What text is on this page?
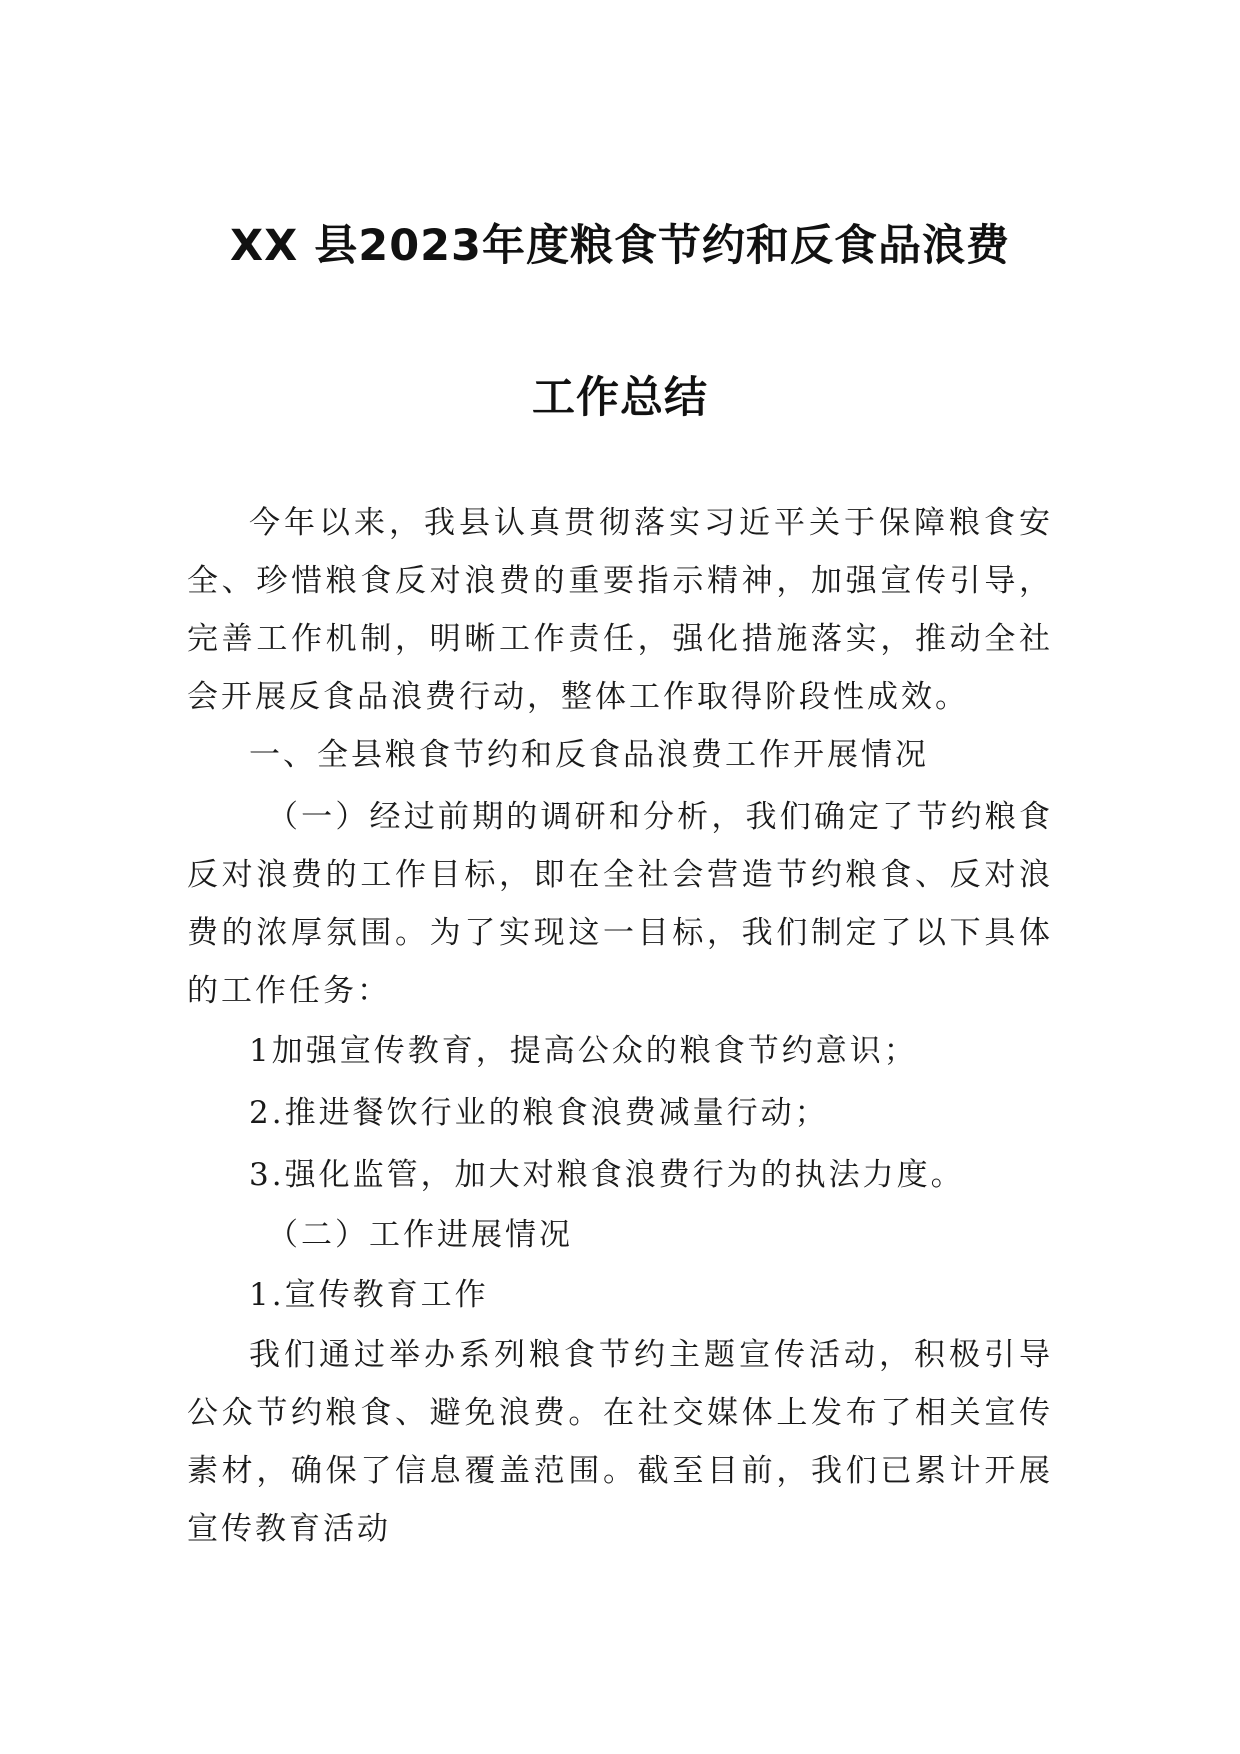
XX 县2023年度粮食节约和反食品浪费
工作总结

今年以来，我县认真贯彻落实习近平关于保障粮食安全、珍惜粮食反对浪费的重要指示精神，加强宣传引导，完善工作机制，明晰工作责任，强化措施落实，推动全社会开展反食品浪费行动，整体工作取得阶段性成效。

一、全县粮食节约和反食品浪费工作开展情况

（一）经过前期的调研和分析，我们确定了节约粮食反对浪费的工作目标，即在全社会营造节约粮食、反对浪费的浓厚氛围。为了实现这一目标，我们制定了以下具体的工作任务：

1加强宣传教育，提高公众的粮食节约意识；

2.推进餐饮行业的粮食浪费减量行动；

3.强化监管，加大对粮食浪费行为的执法力度。

（二）工作进展情况

1.宣传教育工作

我们通过举办系列粮食节约主题宣传活动，积极引导公众节约粮食、避免浪费。在社交媒体上发布了相关宣传素材，确保了信息覆盖范围。截至目前，我们已累计开展宣传教育活动
